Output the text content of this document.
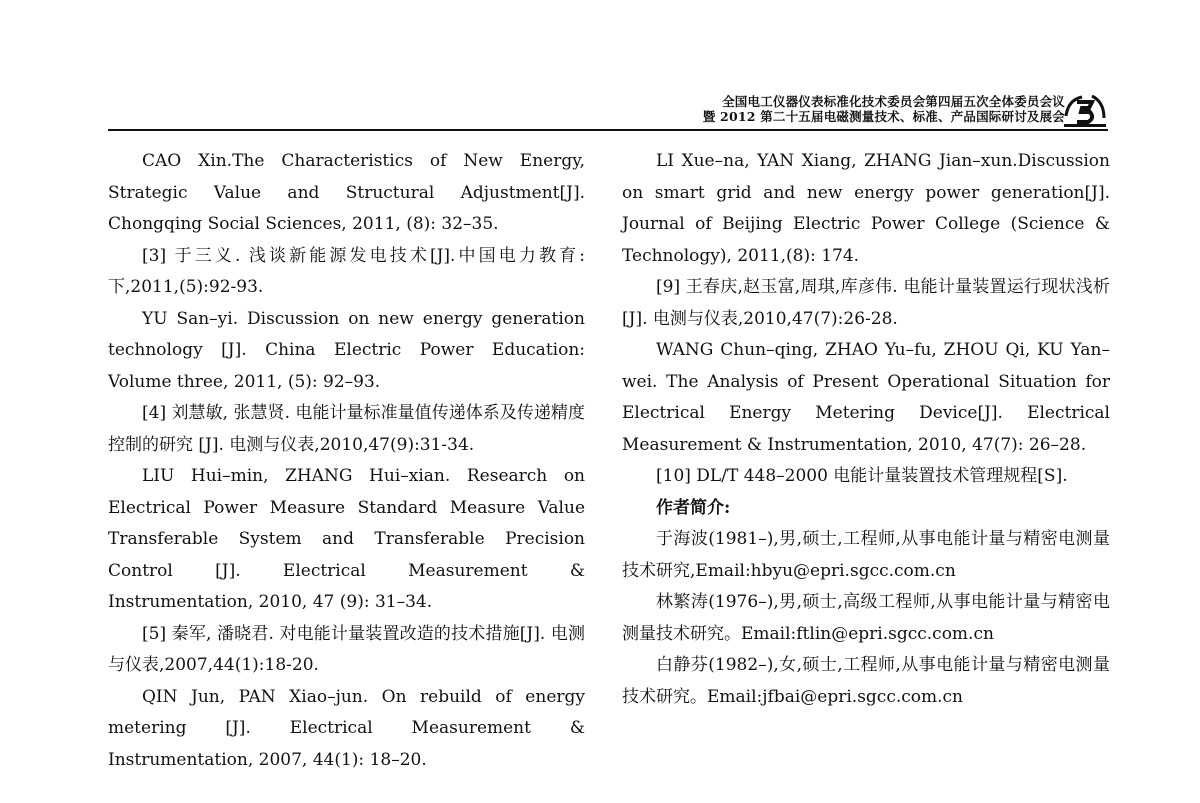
全国电工仪器仪表标准化技术委员会第四届五次全体委员会议
暨 2012 第二十五届电磁测量技术、标准、产品国际研讨及展会

CAO Xin.The Characteristics of New Energy, Strategic Value and Structural Adjustment[J]. Chongqing Social Sciences, 2011, (8): 32–35.

[3] 于三义. 浅谈新能源发电技术[J].中国电力教育:下,2011,(5):92-93.

YU San–yi. Discussion on new energy generation technology [J]. China Electric Power Education: Volume three, 2011, (5): 92–93.

[4] 刘慧敏, 张慧贤. 电能计量标准量值传递体系及传递精度控制的研究 [J]. 电测与仪表,2010,47(9):31-34.

LIU Hui–min, ZHANG Hui–xian. Research on Electrical Power Measure Standard Measure Value Transferable System and Transferable Precision Control [J]. Electrical Measurement & Instrumentation, 2010, 47 (9): 31–34.

[5] 秦军, 潘晓君. 对电能计量装置改造的技术措施[J]. 电测与仪表,2007,44(1):18-20.

QIN Jun, PAN Xiao–jun. On rebuild of energy metering [J]. Electrical Measurement & Instrumentation, 2007, 44(1): 18–20.

LI Xue–na, YAN Xiang, ZHANG Jian–xun.Discussion on smart grid and new energy power generation[J]. Journal of Beijing Electric Power College (Science & Technology), 2011,(8): 174.

[9] 王春庆,赵玉富,周琪,库彦伟. 电能计量装置运行现状浅析[J]. 电测与仪表,2010,47(7):26-28.

WANG Chun–qing, ZHAO Yu–fu, ZHOU Qi, KU Yan–wei. The Analysis of Present Operational Situation for Electrical Energy Metering Device[J]. Electrical Measurement & Instrumentation, 2010, 47(7): 26–28.

[10] DL/T 448–2000 电能计量装置技术管理规程[S].

作者简介:

于海波(1981–),男,硕士,工程师,从事电能计量与精密电测量技术研究,Email:hbyu@epri.sgcc.com.cn

林繁涛(1976–),男,硕士,高级工程师,从事电能计量与精密电测量技术研究。Email:ftlin@epri.sgcc.com.cn

白静芬(1982–),女,硕士,工程师,从事电能计量与精密电测量技术研究。Email:jfbai@epri.sgcc.com.cn
